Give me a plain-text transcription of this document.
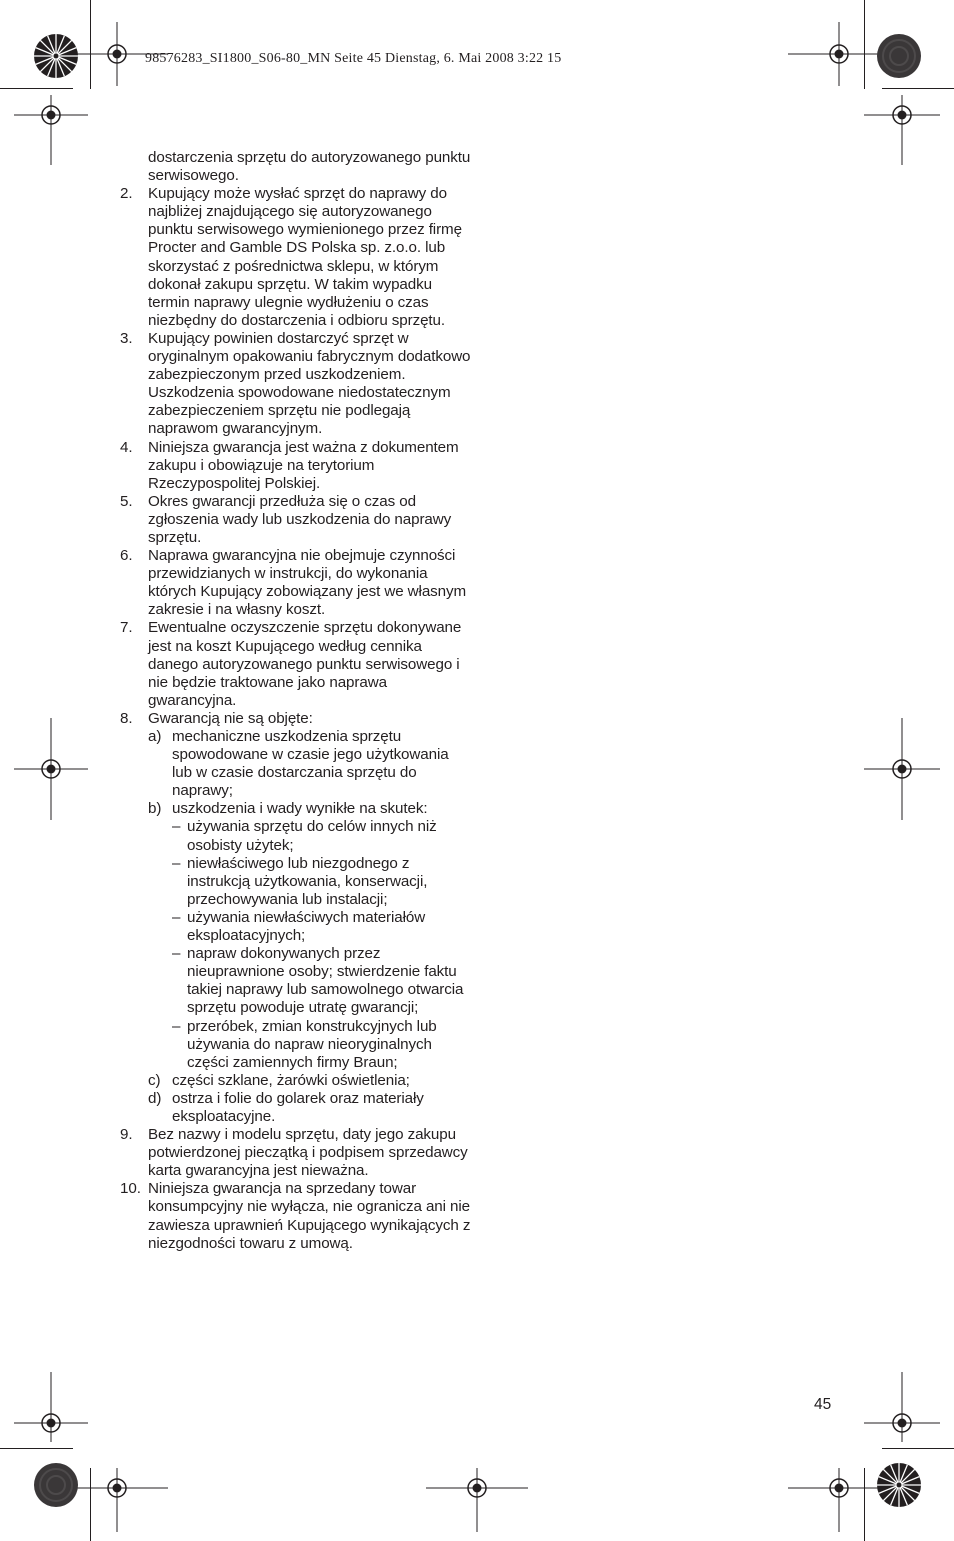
98576283_SI1800_S06-80_MN Seite 45 Dienstag, 6. Mai 2008 3:22 15
dostarczenia sprzętu do autoryzowanego punktu serwisowego.
2.	Kupujący może wysłać sprzęt do naprawy do najbliżej znajdującego się autoryzowanego punktu serwisowego wymienionego przez firmę Procter and Gamble DS Polska sp. z.o.o. lub skorzystać z pośrednictwa sklepu, w którym dokonał zakupu sprzętu. W takim wypadku termin naprawy ulegnie wydłużeniu o czas niezbędny do dostarczenia i odbioru sprzętu.
3.	Kupujący powinien dostarczyć sprzęt w oryginalnym opakowaniu fabrycznym dodatkowo zabezpieczonym przed uszkodzeniem. Uszkodzenia spowodowane niedostatecznym zabezpieczeniem sprzętu nie podlegają naprawom gwarancyjnym.
4.	Niniejsza gwarancja jest ważna z dokumentem zakupu i obowiązuje na terytorium Rzeczypospolitej Polskiej.
5.	Okres gwarancji przedłuża się o czas od zgłoszenia wady lub uszkodzenia do naprawy sprzętu.
6.	Naprawa gwarancyjna nie obejmuje czynności przewidzianych w instrukcji, do wykonania których Kupujący zobowiązany jest we własnym zakresie i na własny koszt.
7.	Ewentualne oczyszczenie sprzętu dokonywane jest na koszt Kupującego według cennika danego autoryzowanego punktu serwisowego i nie będzie traktowane jako naprawa gwarancyjna.
8.	Gwarancją nie są objęte:
a) mechaniczne uszkodzenia sprzętu spowodowane w czasie jego użytkowania lub w czasie dostarczania sprzętu do naprawy;
b) uszkodzenia i wady wynikłe na skutek:
– używania sprzętu do celów innych niż osobisty użytek;
– niewłaściwego lub niezgodnego z instrukcją użytkowania, konserwacji, przechowywania lub instalacji;
– używania niewłaściwych materiałów eksploatacyjnych;
– napraw dokonywanych przez nieuprawnione osoby; stwierdzenie faktu takiej naprawy lub samowolnego otwarcia sprzętu powoduje utratę gwarancji;
– przeróbek, zmian konstrukcyjnych lub używania do napraw nieoryginalnych części zamiennych firmy Braun;
c) części szklane, żarówki oświetlenia;
d) ostrza i folie do golarek oraz materiały eksploatacyjne.
9.	Bez nazwy i modelu sprzętu, daty jego zakupu potwierdzonej pieczątką i podpisem sprzedawcy karta gwarancyjna jest nieważna.
10. Niniejsza gwarancja na sprzedany towar konsumpcyjny nie wyłącza, nie ogranicza ani nie zawiesza uprawnień Kupującego wynikających z niezgodności towaru z umową.
45
